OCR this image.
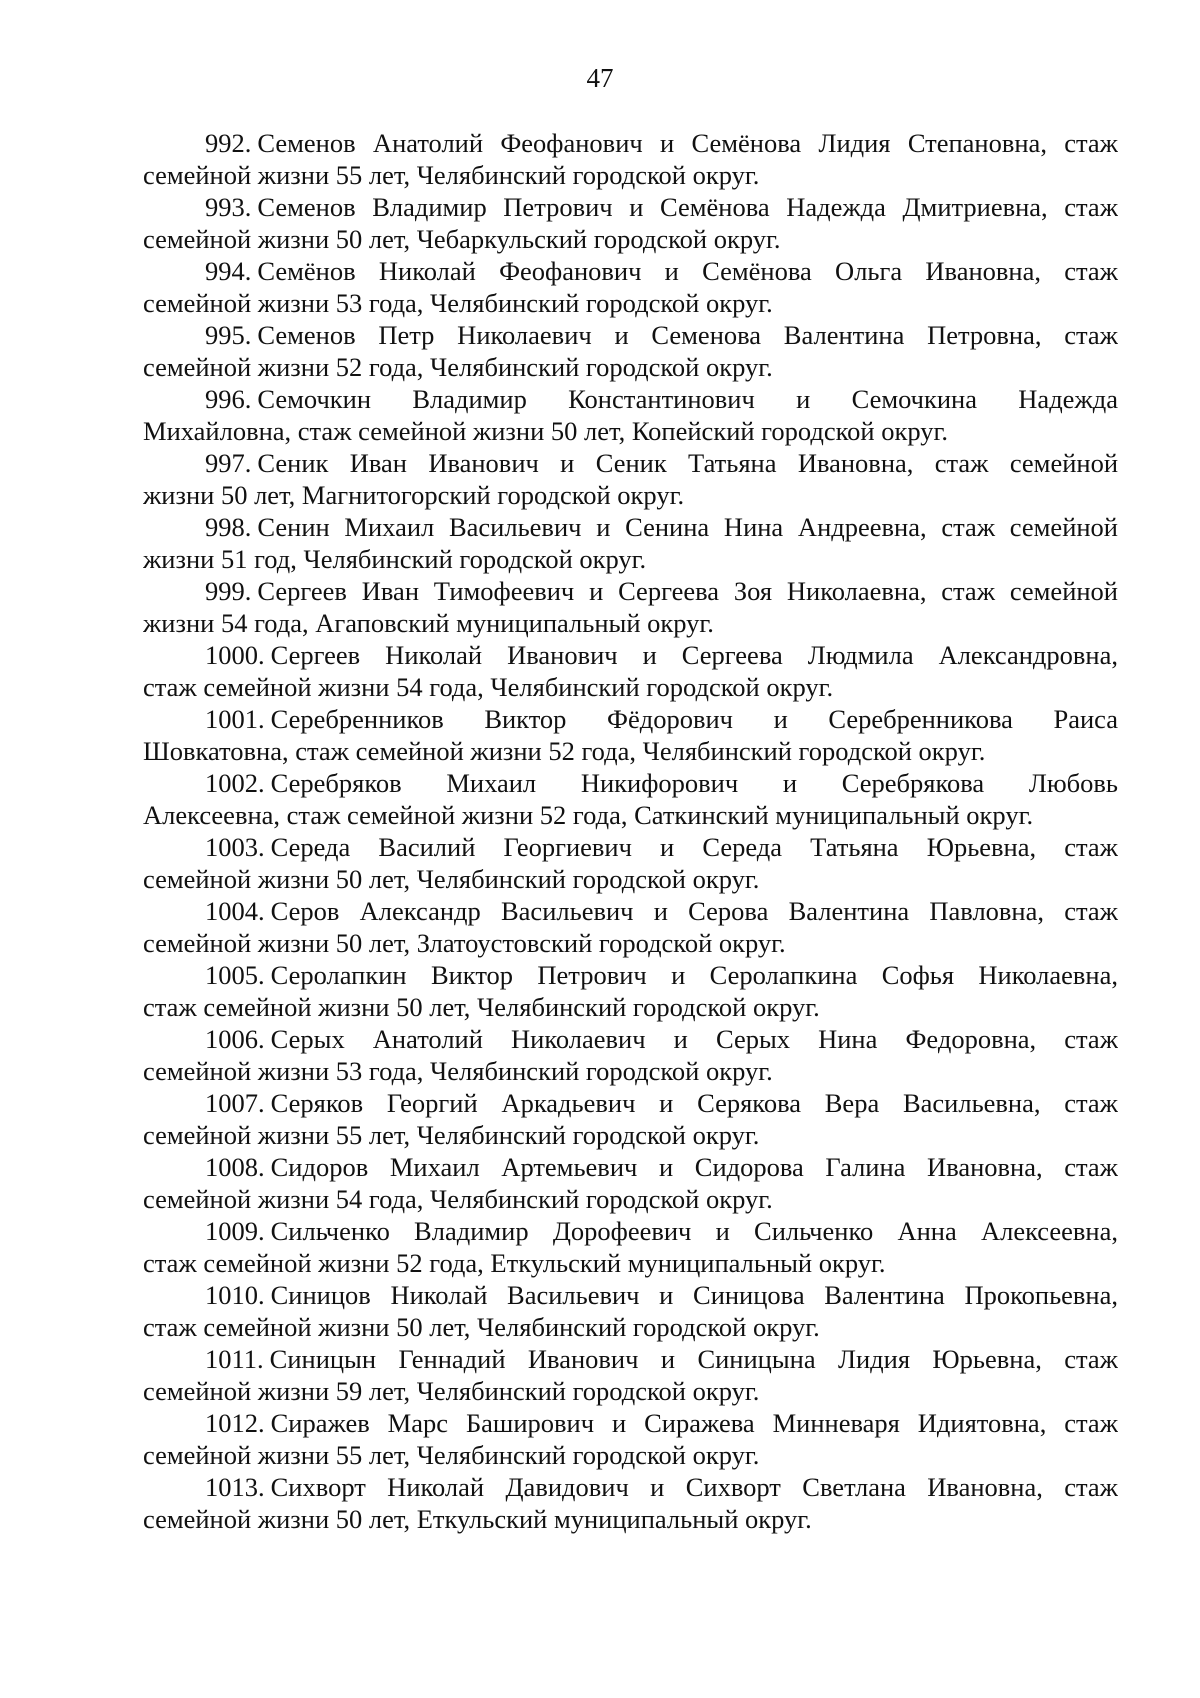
47
992. Семенов Анатолий Феофанович и Семёнова Лидия Степановна, стаж
семейной жизни 55 лет, Челябинский городской округ.
993. Семенов Владимир Петрович и Семёнова Надежда Дмитриевна, стаж
семейной жизни 50 лет, Чебаркульский городской округ.
994. Семёнов Николай Феофанович и Семёнова Ольга Ивановна, стаж
семейной жизни 53 года, Челябинский городской округ.
995. Семенов Петр Николаевич и Семенова Валентина Петровна, стаж
семейной жизни 52 года, Челябинский городской округ.
996. Семочкин Владимир Константинович и Семочкина Надежда
Михайловна, стаж семейной жизни 50 лет, Копейский городской округ.
997. Сеник Иван Иванович и Сеник Татьяна Ивановна, стаж семейной
жизни 50 лет, Магнитогорский городской округ.
998. Сенин Михаил Васильевич и Сенина Нина Андреевна, стаж семейной
жизни 51 год, Челябинский городской округ.
999. Сергеев Иван Тимофеевич и Сергеева Зоя Николаевна, стаж семейной
жизни 54 года, Агаповский муниципальный округ.
1000. Сергеев Николай Иванович и Сергеева Людмила Александровна,
стаж семейной жизни 54 года, Челябинский городской округ.
1001. Серебренников Виктор Фёдорович и Серебренникова Раиса
Шовкатовна, стаж семейной жизни 52 года, Челябинский городской округ.
1002. Серебряков Михаил Никифорович и Серебрякова Любовь
Алексеевна, стаж семейной жизни 52 года, Саткинский муниципальный округ.
1003. Середа Василий Георгиевич и Середа Татьяна Юрьевна, стаж
семейной жизни 50 лет, Челябинский городской округ.
1004. Серов Александр Васильевич и Серова Валентина Павловна, стаж
семейной жизни 50 лет, Златоустовский городской округ.
1005. Серолапкин Виктор Петрович и Серолапкина Софья Николаевна,
стаж семейной жизни 50 лет, Челябинский городской округ.
1006. Серых Анатолий Николаевич и Серых Нина Федоровна, стаж
семейной жизни 53 года, Челябинский городской округ.
1007. Серяков Георгий Аркадьевич и Серякова Вера Васильевна, стаж
семейной жизни 55 лет, Челябинский городской округ.
1008. Сидоров Михаил Артемьевич и Сидорова Галина Ивановна, стаж
семейной жизни 54 года, Челябинский городской округ.
1009. Сильченко Владимир Дорофеевич и Сильченко Анна Алексеевна,
стаж семейной жизни 52 года, Еткульский муниципальный округ.
1010. Синицов Николай Васильевич и Синицова Валентина Прокопьевна,
стаж семейной жизни 50 лет, Челябинский городской округ.
1011. Синицын Геннадий Иванович и Синицына Лидия Юрьевна, стаж
семейной жизни 59 лет, Челябинский городской округ.
1012. Сиражев Марс Баширович и Сиражева Минневаря Идиятовна, стаж
семейной жизни 55 лет, Челябинский городской округ.
1013. Сихворт Николай Давидович и Сихворт Светлана Ивановна, стаж
семейной жизни 50 лет, Еткульский муниципальный округ.
